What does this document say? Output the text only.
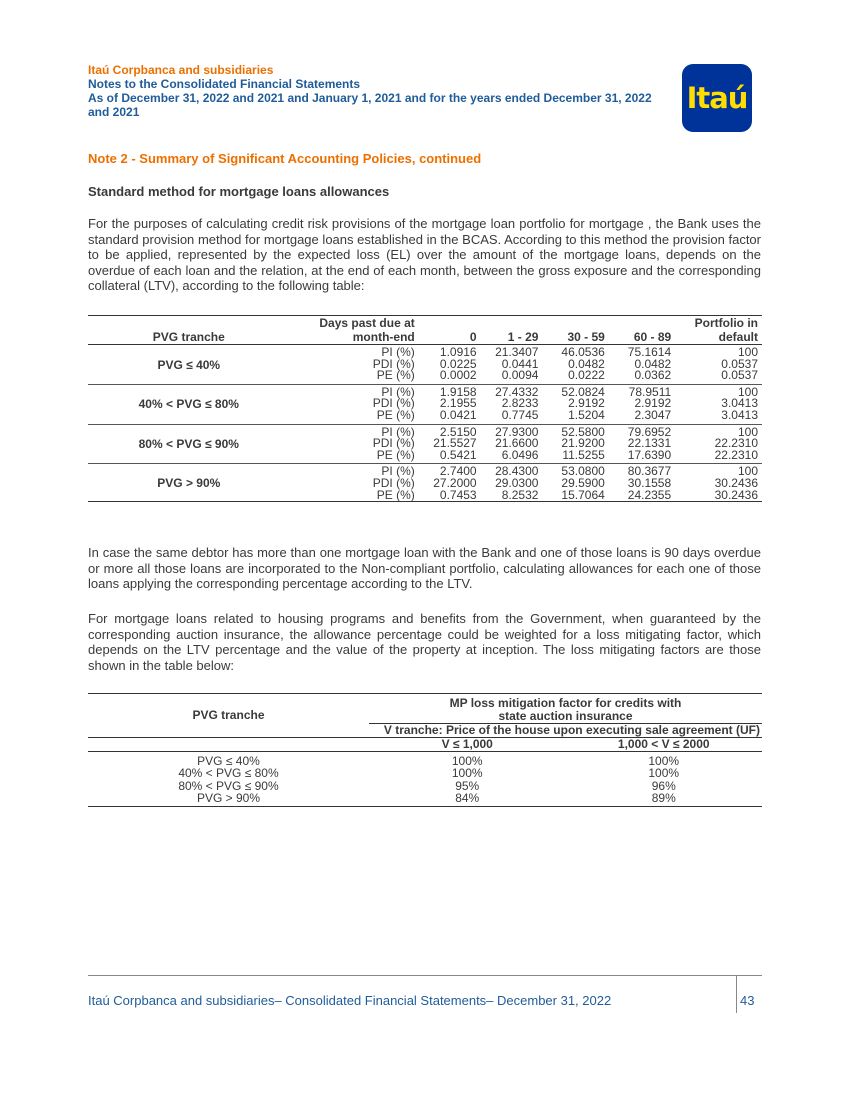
Itaú Corpbanca and subsidiaries
Notes to the Consolidated Financial Statements
As of December 31, 2022 and 2021 and January 1, 2021 and for the years ended December 31, 2022
and 2021	Itaú
Note 2 - Summary of Significant Accounting Policies, continued
Standard method for mortgage loans allowances
For the purposes of calculating credit risk provisions of the mortgage loan portfolio for mortgage , the Bank uses the standard provision method for mortgage loans established in the BCAS. According to this method the provision factor to be applied, represented by the expected loss (EL) over the amount of the mortgage loans, depends on the overdue of each loan and the relation, at the end of each month, between the gross exposure and the corresponding collateral (LTV), according to the following table:
	Days past due at					Portfolio in
PVG tranche	month-end	0	1 - 29	30 - 59	60 - 89	default
PVG ≤ 40%	PI (%)	1.0916	21.3407	46.0536	75.1614	100
	PDI (%)	0.0225	0.0441	0.0482	0.0482	0.0537
	PE (%)	0.0002	0.0094	0.0222	0.0362	0.0537
40% < PVG ≤ 80%	PI (%)	1.9158	27.4332	52.0824	78.9511	100
	PDI (%)	2.1955	2.8233	2.9192	2.9192	3.0413
	PE (%)	0.0421	0.7745	1.5204	2.3047	3.0413
80% < PVG ≤ 90%	PI (%)	2.5150	27.9300	52.5800	79.6952	100
	PDI (%)	21.5527	21.6600	21.9200	22.1331	22.2310
	PE (%)	0.5421	6.0496	11.5255	17.6390	22.2310
PVG > 90%	PI (%)	2.7400	28.4300	53.0800	80.3677	100
	PDI (%)	27.2000	29.0300	29.5900	30.1558	30.2436
	PE (%)	0.7453	8.2532	15.7064	24.2355	30.2436
In case the same debtor has more than one mortgage loan with the Bank and one of those loans is 90 days overdue or more all those loans are incorporated to the Non-compliant portfolio, calculating allowances for each one of those loans applying the corresponding percentage according to the LTV.
For mortgage loans related to housing programs and benefits from the Government, when guaranteed by the corresponding auction insurance, the allowance percentage could be weighted for a loss mitigating factor, which depends on the LTV percentage and the value of the property at inception. The loss mitigating factors are those shown in the table below:
PVG tranche	MP loss mitigation factor for credits with	
	state auction insurance	
	V tranche: Price of the house upon executing sale agreement (UF)	
	V ≤ 1,000	1,000 < V ≤ 2000
PVG ≤ 40%	100%	100%
40% < PVG ≤ 80%	100%	100%
80% < PVG ≤ 90%	95%	96%
PVG > 90%	84%	89%
Itaú Corpbanca and subsidiaries– Consolidated Financial Statements– December 31, 2022	43
